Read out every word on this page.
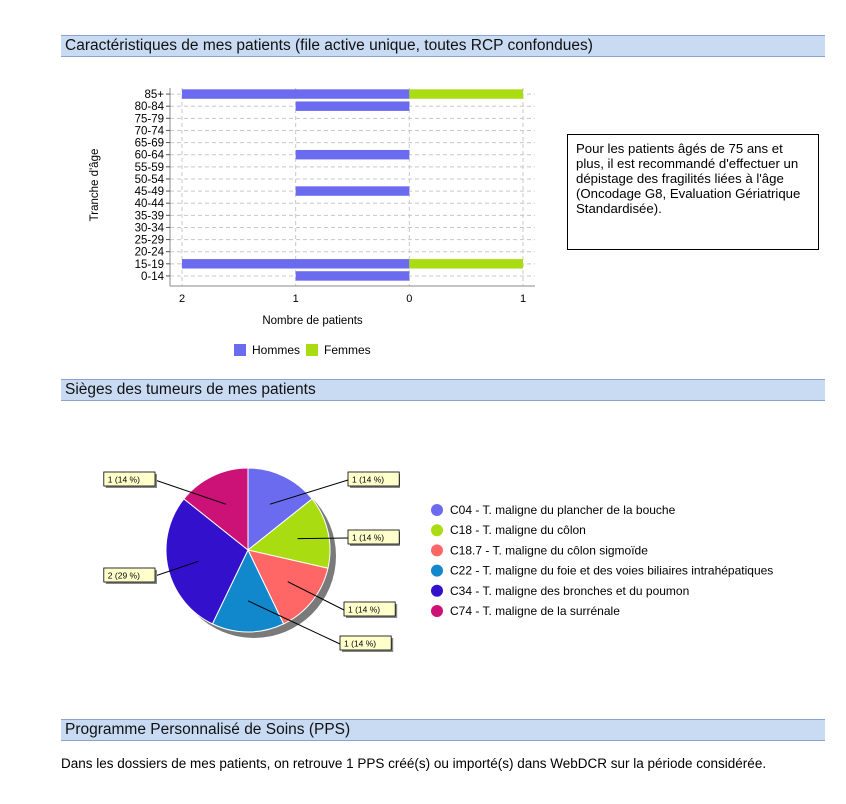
Caractéristiques de mes patients (file active unique, toutes RCP confondues)
0-14
15-19
20-24
25-29
30-34
35-39
40-44
45-49
50-54
55-59
60-64
65-69
70-74
75-79
80-84
85+
2	1	0	1
Nombre de patients
Tranche d'âge
Hommes Femmes
Pour les patients âgés de 75 ans et plus, il est recommandé d'effectuer un dépistage des fragilités liées à l'âge (Oncodage G8, Evaluation Gériatrique Standardisée).
Sièges des tumeurs de mes patients
1 (14 %)
1 (14 %)
1 (14 %)
1 (14 %)
2 (29 %)
1 (14 %)
C04 - T. maligne du plancher de la bouche
C18 - T. maligne du côlon
C18.7 - T. maligne du côlon sigmoïde
C22 - T. maligne du foie et des voies biliaires intrahépatiques
C34 - T. maligne des bronches et du poumon
C74 - T. maligne de la surrénale
Programme Personnalisé de Soins (PPS)
Dans les dossiers de mes patients, on retrouve 1 PPS créé(s) ou importé(s) dans WebDCR sur la période considérée.
